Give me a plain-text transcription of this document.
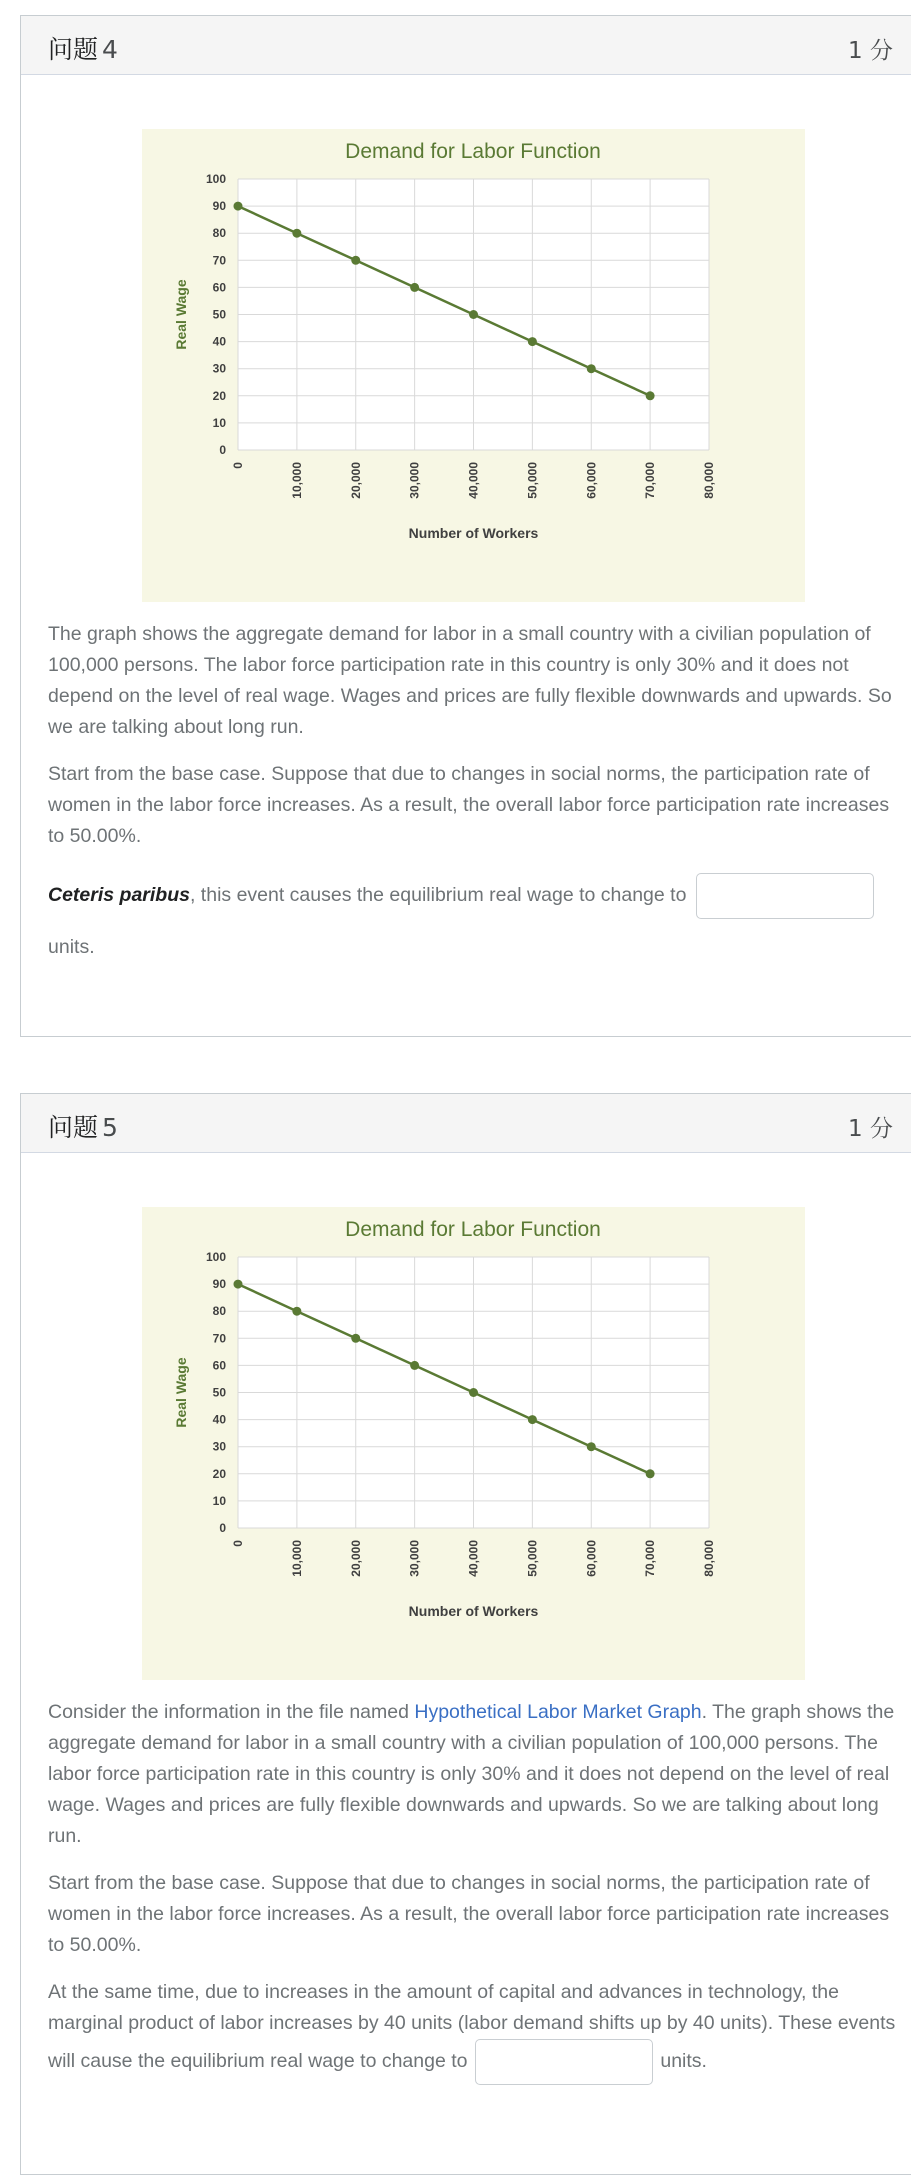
问题 4	1 分
Demand for Labor Function
0
10
20
30
40
50
60
70
80
90
100
0	10,000	20,000	30,000	40,000	50,000	60,000	70,000	80,000
Number of Workers
Real Wage

The graph shows the aggregate demand for labor in a small country with a civilian population of 100,000 persons. The labor force participation rate in this country is only 30% and it does not depend on the level of real wage. Wages and prices are fully flexible downwards and upwards. So we are talking about long run.

Start from the base case. Suppose that due to changes in social norms, the participation rate of women in the labor force increases. As a result, the overall labor force participation rate increases to 50.00%.

Ceteris paribus, this event causes the equilibrium real wage to change to
units.
问题 5	1 分
Demand for Labor Function
0
10
20
30
40
50
60
70
80
90
100
0	10,000	20,000	30,000	40,000	50,000	60,000	70,000	80,000
Number of Workers
Real Wage

Consider the information in the file named Hypothetical Labor Market Graph. The graph shows the aggregate demand for labor in a small country with a civilian population of 100,000 persons. The labor force participation rate in this country is only 30% and it does not depend on the level of real wage. Wages and prices are fully flexible downwards and upwards. So we are talking about long run.

Start from the base case. Suppose that due to changes in social norms, the participation rate of women in the labor force increases. As a result, the overall labor force participation rate increases to 50.00%.

At the same time, due to increases in the amount of capital and advances in technology, the marginal product of labor increases by 40 units (labor demand shifts up by 40 units). These events will cause the equilibrium real wage to change to	units.
